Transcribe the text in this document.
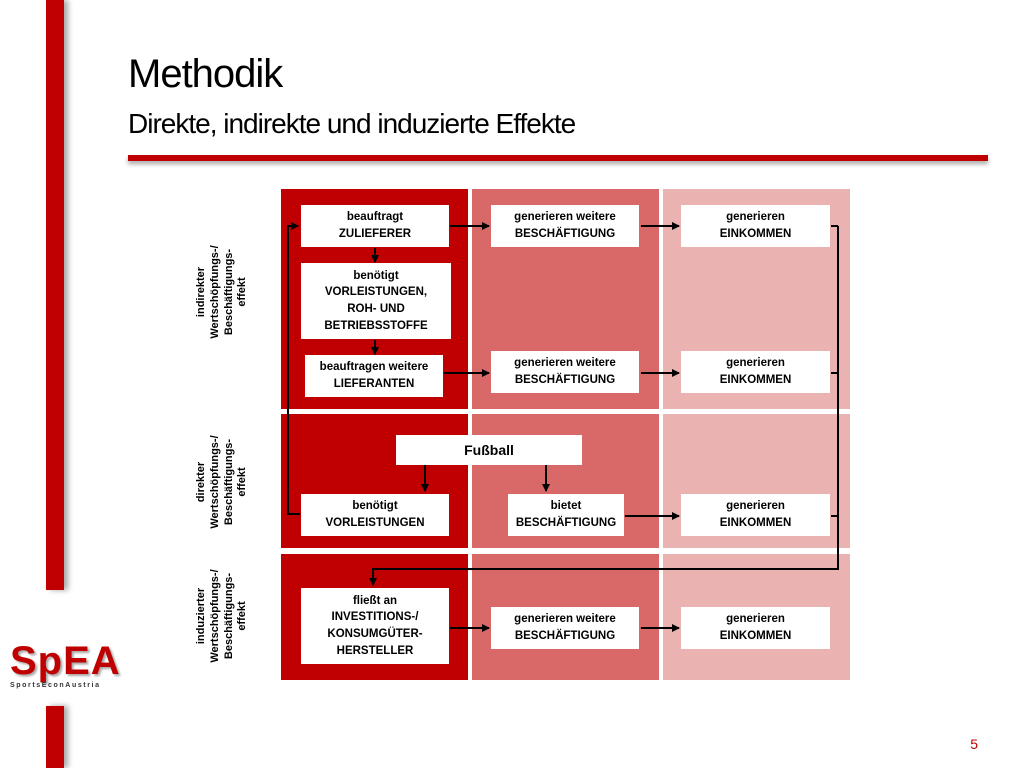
Methodik
Direkte, indirekte und induzierte Effekte
indirekter Wertschöpfungs-/ Beschäftigungs- effekt
direkter Wertschöpfungs-/ Beschäftigungs- effekt
induzierter Wertschöpfungs-/ Beschäftigungs- effekt
beauftragt
ZULIEFERER
generieren weitere
BESCHÄFTIGUNG
generieren
EINKOMMEN
benötigt
VORLEISTUNGEN,
ROH- UND
BETRIEBSSTOFFE
beauftragen weitere
LIEFERANTEN
generieren weitere
BESCHÄFTIGUNG
generieren
EINKOMMEN
Fußball
benötigt
VORLEISTUNGEN
bietet
BESCHÄFTIGUNG
generieren
EINKOMMEN
fließt an
INVESTITIONS-/
KONSUMGÜTER-
HERSTELLER
generieren weitere
BESCHÄFTIGUNG
generieren
EINKOMMEN
SpEA
SportsEconAustria
5
